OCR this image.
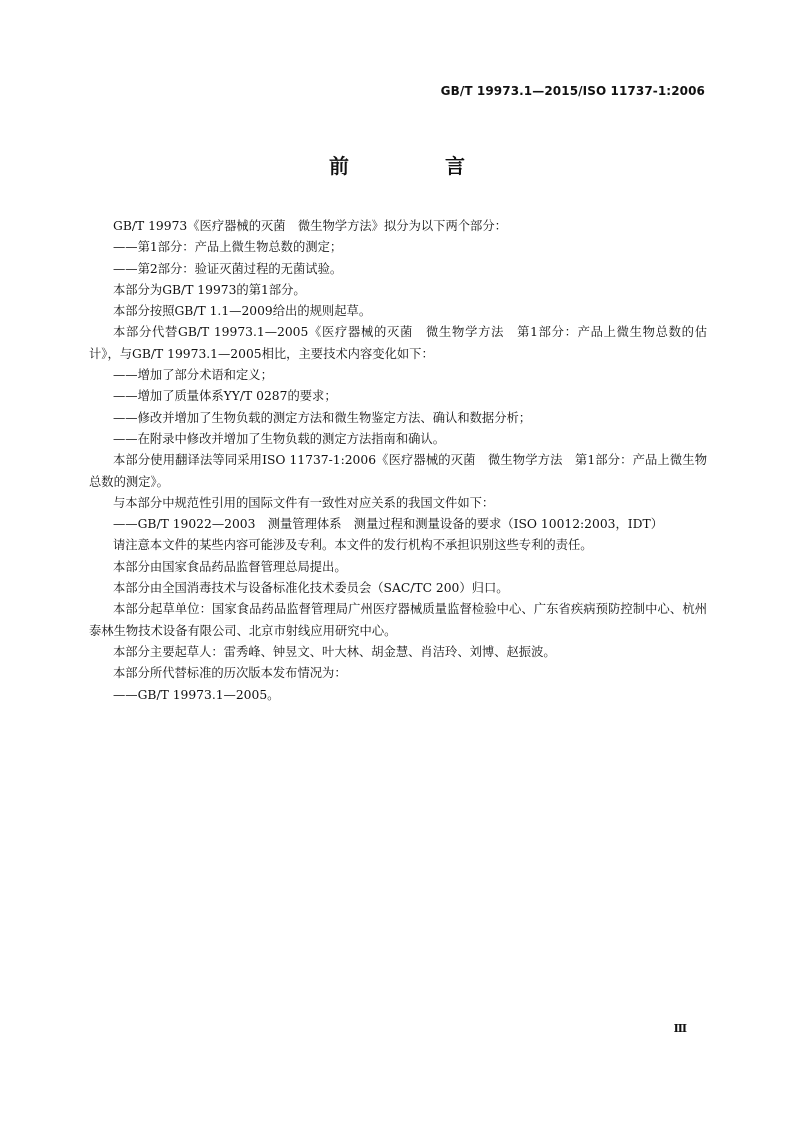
GB/T 19973.1—2015/ISO 11737-1:2006
前　言

GB/T 19973《医疗器械的灭菌　微生物学方法》拟分为以下两个部分：

——第1部分：产品上微生物总数的测定；

——第2部分：验证灭菌过程的无菌试验。

本部分为GB/T 19973的第1部分。

本部分按照GB/T 1.1—2009给出的规则起草。

本部分代替GB/T 19973.1—2005《医疗器械的灭菌　微生物学方法　第1部分：产品上微生物总数的估计》，与GB/T 19973.1—2005相比，主要技术内容变化如下：

——增加了部分术语和定义；

——增加了质量体系YY/T 0287的要求；

——修改并增加了生物负载的测定方法和微生物鉴定方法、确认和数据分析；

——在附录中修改并增加了生物负载的测定方法指南和确认。

本部分使用翻译法等同采用ISO 11737-1:2006《医疗器械的灭菌　微生物学方法　第1部分：产品上微生物总数的测定》。

与本部分中规范性引用的国际文件有一致性对应关系的我国文件如下：

——GB/T 19022—2003　测量管理体系　测量过程和测量设备的要求（ISO 10012:2003，IDT）

请注意本文件的某些内容可能涉及专利。本文件的发行机构不承担识别这些专利的责任。

本部分由国家食品药品监督管理总局提出。

本部分由全国消毒技术与设备标准化技术委员会（SAC/TC 200）归口。

本部分起草单位：国家食品药品监督管理局广州医疗器械质量监督检验中心、广东省疾病预防控制中心、杭州泰林生物技术设备有限公司、北京市射线应用研究中心。

本部分主要起草人：雷秀峰、钟昱文、叶大林、胡金慧、肖洁玲、刘博、赵振波。

本部分所代替标准的历次版本发布情况为：

——GB/T 19973.1—2005。

Ⅲ
